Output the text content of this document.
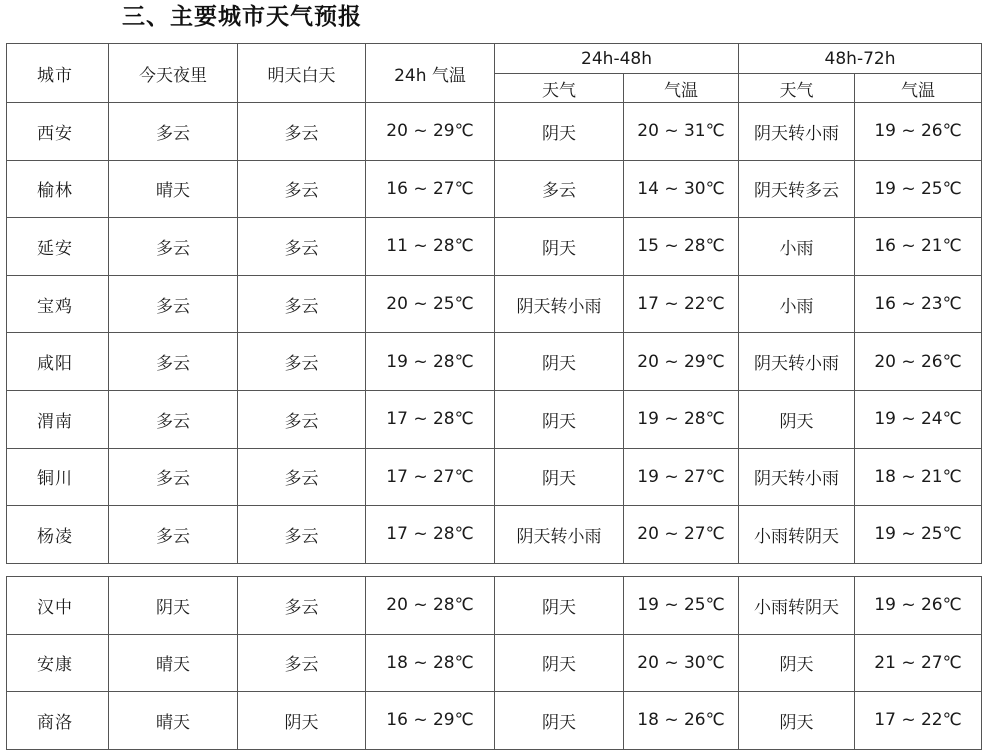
三、主要城市天气预报
城市	今天夜里	明天白天	24h 气温	24h-48h		48h-72h	
				天气	气温	天气	气温
西安	多云	多云	20 ~ 29℃	阴天	20 ~ 31℃	阴天转小雨	19 ~ 26℃
榆林	晴天	多云	16 ~ 27℃	多云	14 ~ 30℃	阴天转多云	19 ~ 25℃
延安	多云	多云	11 ~ 28℃	阴天	15 ~ 28℃	小雨	16 ~ 21℃
宝鸡	多云	多云	20 ~ 25℃	阴天转小雨	17 ~ 22℃	小雨	16 ~ 23℃
咸阳	多云	多云	19 ~ 28℃	阴天	20 ~ 29℃	阴天转小雨	20 ~ 26℃
渭南	多云	多云	17 ~ 28℃	阴天	19 ~ 28℃	阴天	19 ~ 24℃
铜川	多云	多云	17 ~ 27℃	阴天	19 ~ 27℃	阴天转小雨	18 ~ 21℃
杨凌	多云	多云	17 ~ 28℃	阴天转小雨	20 ~ 27℃	小雨转阴天	19 ~ 25℃
汉中	阴天	多云	20 ~ 28℃	阴天	19 ~ 25℃	小雨转阴天	19 ~ 26℃
安康	晴天	多云	18 ~ 28℃	阴天	20 ~ 30℃	阴天	21 ~ 27℃
商洛	晴天	阴天	16 ~ 29℃	阴天	18 ~ 26℃	阴天	17 ~ 22℃
